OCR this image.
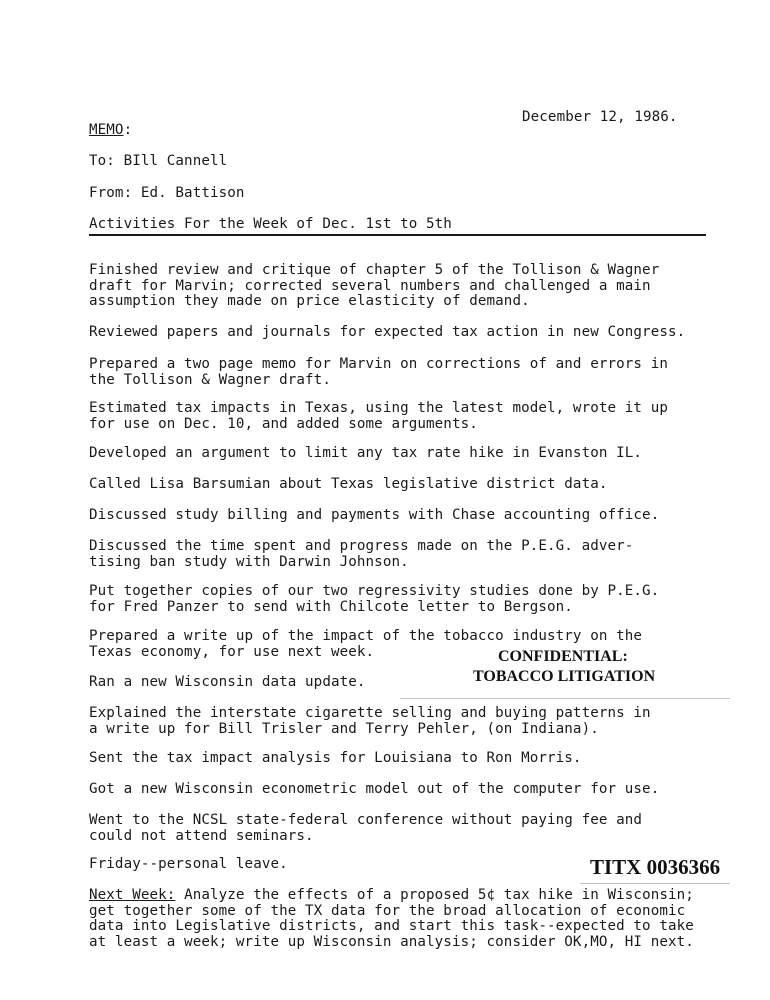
December 12, 1986.
MEMO:
To: BIll Cannell
From: Ed. Battison
Activities For the Week of Dec. 1st to 5th
Finished review and critique of chapter 5 of the Tollison & Wagner
draft for Marvin; corrected several numbers and challenged a main
assumption they made on price elasticity of demand.
Reviewed papers and journals for expected tax action in new Congress.
Prepared a two page memo for Marvin on corrections of and errors in
the Tollison & Wagner draft.
Estimated tax impacts in Texas, using the latest model, wrote it up
for use on Dec. 10, and added some arguments.
Developed an argument to limit any tax rate hike in Evanston IL.
Called Lisa Barsumian about Texas legislative district data.
Discussed study billing and payments with Chase accounting office.
Discussed the time spent and progress made on the P.E.G. adver-
tising ban study with Darwin Johnson.
Put together copies of our two regressivity studies done by P.E.G.
for Fred Panzer to send with Chilcote letter to Bergson.
Prepared a write up of the impact of the tobacco industry on the
Texas economy, for use next week.
Ran a new Wisconsin data update.
Explained the interstate cigarette selling and buying patterns in
a write up for Bill Trisler and Terry Pehler, (on Indiana).
Sent the tax impact analysis for Louisiana to Ron Morris.
Got a new Wisconsin econometric model out of the computer for use.
Went to the NCSL state-federal conference without paying fee and
could not attend seminars.
Friday--personal leave.
Next Week: Analyze the effects of a proposed 5¢ tax hike in Wisconsin;
get together some of the TX data for the broad allocation of economic
data into Legislative districts, and start this task--expected to take
at least a week; write up Wisconsin analysis; consider OK,MO, HI next.
CONFIDENTIAL:
TOBACCO LITIGATION
TITX 0036366
